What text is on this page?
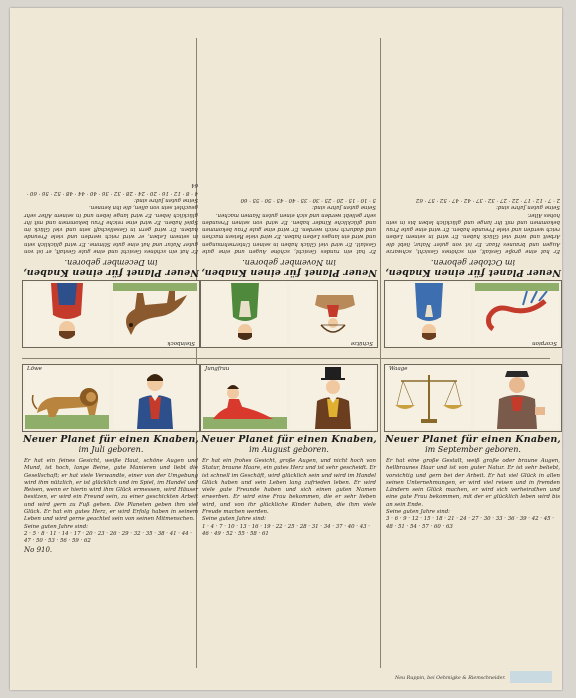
Steinbock
Neuer Planet für einen Knaben,
im December geboren.
Er hat ein schönes Gesicht und eine gute Gestalt, er ist von guter Natur und hat eine gute Stimme. Er wird glücklich sein in seinem Leben, er wird reich werden und viele Freunde haben. Er wird gern in Gesellschaft sein und viel Glück im Spiel haben. Er wird eine reiche Frau bekommen und mit ihr glücklich leben. Er wird lange leben und in seinem Alter sehr geachtet sein von allen, die ihn kennen.
Seine guten Jahre sind:
4 · 8 · 12 · 16 · 20 · 24 · 28 · 32 · 36 · 40 · 44 · 48 · 52 · 56 · 60 · 64
Schütze
Neuer Planet für einen Knaben,
im November geboren.
Er hat ein rundes Gesicht, schöne Augen und eine gute Gestalt. Er wird viel Glück haben in seinen Unternehmungen und wird ein langes Leben haben. Er wird viele Reisen machen und dadurch reich werden. Er wird eine gute Frau bekommen und glückliche Kinder haben. Er wird von seinen Freunden sehr geliebt werden und sich einen guten Namen machen.
Seine guten Jahre sind:
5 · 10 · 15 · 20 · 25 · 30 · 35 · 40 · 45 · 50 · 55 · 60
Scorpion
Neuer Planet für einen Knaben,
im October geboren.
Er hat eine große Gestalt, ein schönes Gesicht, schwarze Augen und braunes Haar. Er ist von guter Natur, liebt die Arbeit und wird viel Glück haben. Er wird in seinem Leben reich werden und viele Freunde haben. Er wird eine gute Frau bekommen und mit ihr lange und glücklich leben bis in sein hohes Alter.
Seine guten Jahre sind:
2 · 7 · 12 · 17 · 22 · 27 · 32 · 37 · 42 · 47 · 52 · 57 · 62
Löwe
Neuer Planet für einen Knaben,
im Juli geboren.
Er hat ein feines Gesicht, weiße Haut, schöne Augen und Mund, ist hoch, lange Beine, gute Manieren und liebt die Gesellschaft; er hat viele Verwandte, einer von der Umgebung wird ihm nützlich, er ist glücklich und im Spiel, im Handel und Reisen, wenn er hierin wird ihm Glück ermessen, wird Häuser besitzen, er wird ein Freund sein, zu einer geschickten Arbeit und wird gern zu Fuß gehen. Die Planeten geben ihm viel Glück. Er hat ein gutes Herz, er wird Erfolg haben in seinem Leben und wird gerne geachtet sein von seinen Mitmenschen.
Seine guten Jahre sind:
2 · 5 · 8 · 11 · 14 · 17 · 20 · 23 · 26 · 29 · 32 · 35 · 38 · 41 · 44 · 47 · 50 · 53 · 56 · 59 · 62
No 910.
Jungfrau
Neuer Planet für einen Knaben,
im August geboren.
Er hat ein frohes Gesicht, große Augen, und nicht hoch von Statur, braune Haare, ein gutes Herz und ist sehr gescheidt. Er ist schnell im Geschäft, wird glücklich sein und wird im Handel Glück haben und sein Leben lang zufrieden leben. Er wird viele gute Freunde haben und sich einen guten Namen erwerben. Er wird eine Frau bekommen, die er sehr lieben wird, und von ihr glückliche Kinder haben, die ihm viele Freude machen werden.
Seine guten Jahre sind:
1 · 4 · 7 · 10 · 13 · 16 · 19 · 22 · 25 · 28 · 31 · 34 · 37 · 40 · 43 · 46 · 49 · 52 · 55 · 58 · 61
Waage
Neuer Planet für einen Knaben,
im September geboren.
Er hat eine große Gestalt, weiß große oder braune Augen, hellbraunes Haar und ist von guter Natur. Er ist sehr beliebt, vorsichtig und gern bei der Arbeit. Er hat viel Glück in allen seinen Unternehmungen, er wird viel reisen und in fremden Ländern sein Glück machen, er wird sich verheirathen und eine gute Frau bekommen, mit der er glücklich leben wird bis an sein Ende.
Seine guten Jahre sind:
3 · 6 · 9 · 12 · 15 · 18 · 21 · 24 · 27 · 30 · 33 · 36 · 39 · 42 · 45 · 48 · 51 · 54 · 57 · 60 · 63
Neu Ruppin, bei Oehmigke & Riemschneider.
